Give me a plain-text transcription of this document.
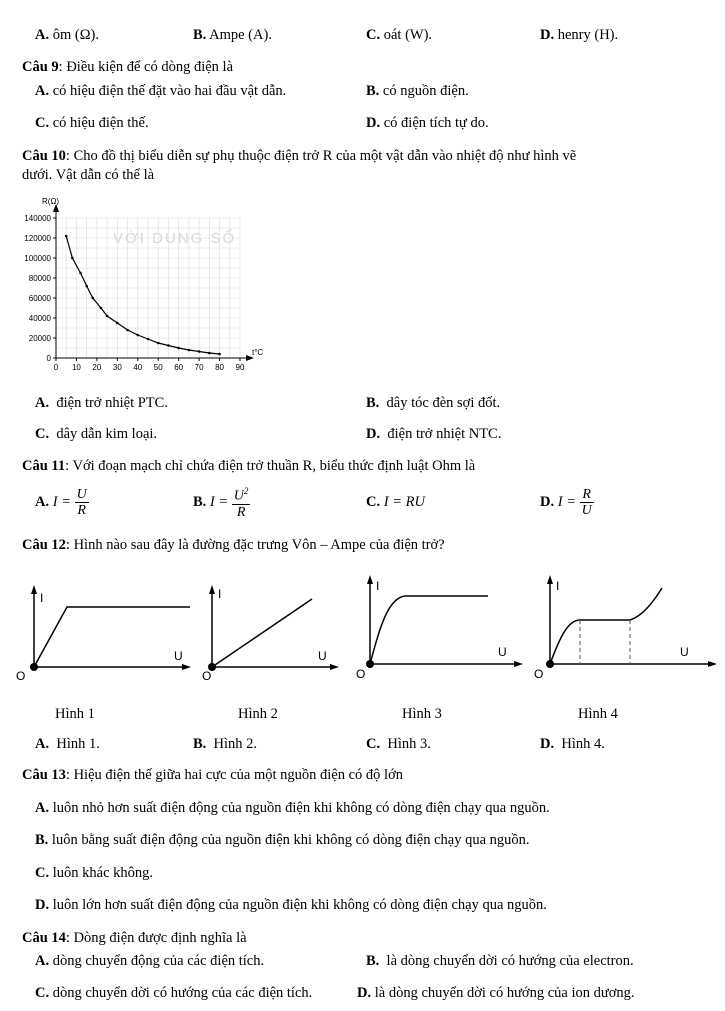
A. ôm (Ω).	B. Ampe (A).	C. oát (W).	D. henry (H).
Câu 9: Điều kiện để có dòng điện là
A. có hiệu điện thế đặt vào hai đầu vật dẫn.	B. có nguồn điện.
C. có hiệu điện thế.	D. có điện tích tự do.
Câu 10: Cho đồ thị biểu diễn sự phụ thuộc điện trở R của một vật dẫn vào nhiệt độ như hình vẽ
dưới. Vật dẫn có thể là
VỚI DUNG SỐ
0
20000
40000
60000
80000
100000
120000
140000
0 10 20 30 40 50 60 70 80 90
R(Ω)
t°C
A. điện trở nhiệt PTC.	B. dây tóc đèn sợi đốt.
C. dây dẫn kim loại.	D. điện trở nhiệt NTC.
Câu 11: Với đoạn mạch chỉ chứa điện trở thuần R, biểu thức định luật Ohm là
A.
I =
$\frac{U}{R}$	B.
I =
$\frac{U^2}{R}$	C.
I = RU	D.
I =
$\frac{R}{U}$
Câu 12: Hình nào sau đây là đường đặc trưng Vôn – Ampe của điện trở?
I
U
O
I
U
O
I
U
O
I
U
O
Hình 1	Hình 2	Hình 3	Hình 4
A. Hình 1.	B. Hình 2.	C. Hình 3.	D. Hình 4.
Câu 13: Hiệu điện thế giữa hai cực của một nguồn điện có độ lớn
A. luôn nhỏ hơn suất điện động của nguồn điện khi không có dòng điện chạy qua nguồn.
B. luôn bằng suất điện động của nguồn điện khi không có dòng điện chạy qua nguồn.
C. luôn khác không.
D. luôn lớn hơn suất điện động của nguồn điện khi không có dòng điện chạy qua nguồn.
Câu 14: Dòng điện được định nghĩa là
A. dòng chuyển động của các điện tích.	B. là dòng chuyển dời có hướng của electron.
C. dòng chuyển dời có hướng của các điện tích.	D. là dòng chuyển dời có hướng của ion dương.
